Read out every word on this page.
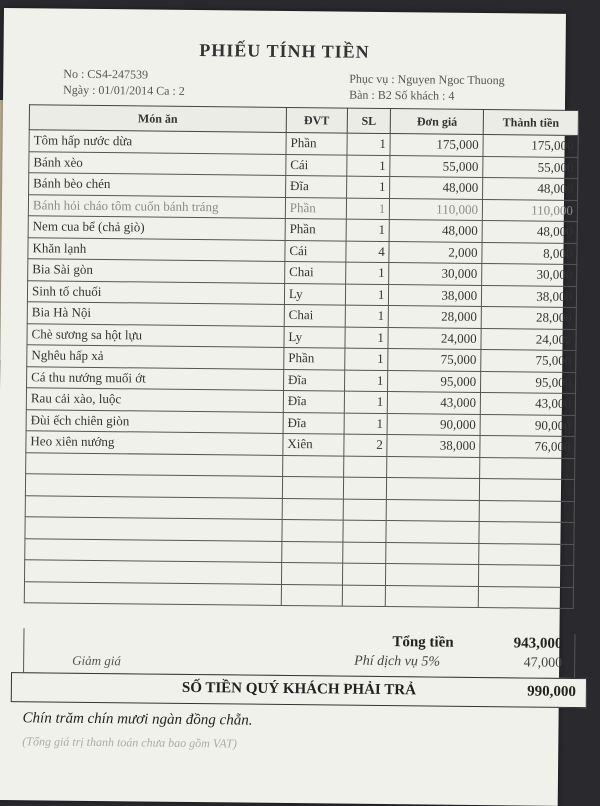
PHIẾU TÍNH TIỀN
No : CS4-247539
Ngày : 01/01/2014 Ca : 2
Phục vụ : Nguyen Ngoc Thuong
Bàn : B2 Số khách : 4
Món ăn	ĐVT	SL	Đơn giá	Thành tiền
Tôm hấp nước dừa	Phần	1	175,000	175,000
Bánh xèo	Cái	1	55,000	55,000
Bánh bèo chén	Đĩa	1	48,000	48,000
Bánh hỏi cháo tôm cuốn bánh tráng	Phần	1	110,000	110,000
Nem cua bể (chả giò)	Phần	1	48,000	48,000
Khăn lạnh	Cái	4	2,000	8,000
Bia Sài gòn	Chai	1	30,000	30,000
Sinh tố chuối	Ly	1	38,000	38,000
Bia Hà Nội	Chai	1	28,000	28,000
Chè sương sa hột lựu	Ly	1	24,000	24,000
Nghêu hấp xả	Phần	1	75,000	75,000
Cá thu nướng muối ớt	Đĩa	1	95,000	95,000
Rau cải xào, luộc	Đĩa	1	43,000	43,000
Đùi ếch chiên giòn	Đĩa	1	90,000	90,000
Heo xiên nướng	Xiên	2	38,000	76,000

Tổng tiền	943,000
Giảm giá	Phí dịch vụ 5%	47,000
SỐ TIỀN QUÝ KHÁCH PHẢI TRẢ	990,000
Chín trăm chín mươi ngàn đồng chẵn.
(Tổng giá trị thanh toán chưa bao gồm VAT)
